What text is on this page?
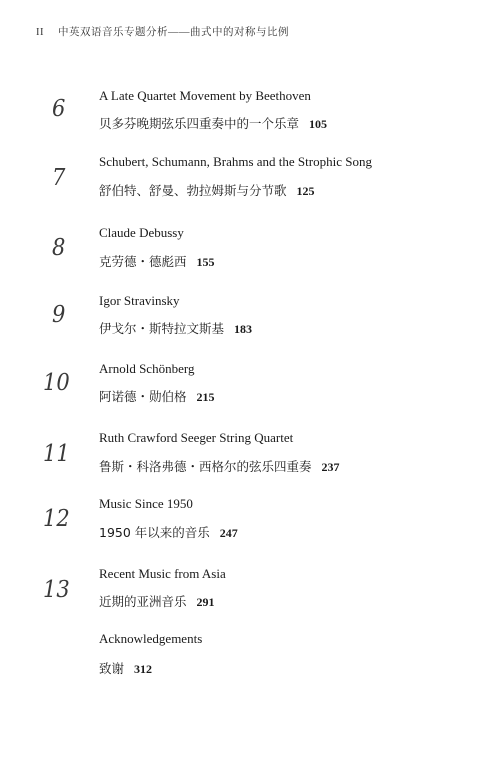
II 中英双语音乐专题分析——曲式中的对称与比例
6	A Late Quartet Movement by Beethoven
贝多芬晚期弦乐四重奏中的一个乐章 105
7
Schubert, Schumann, Brahms and the Strophic Song
舒伯特、舒曼、勃拉姆斯与分节歌 125
8
Claude Debussy
克劳德・德彪西 155
9
Igor Stravinsky
伊戈尔・斯特拉文斯基 183
10
Arnold Schönberg
阿诺德・勋伯格 215
11
Ruth Crawford Seeger String Quartet
鲁斯・科洛弗德・西格尔的弦乐四重奏 237
12
Music Since 1950
1950 年以来的音乐 247
13
Recent Music from Asia
近期的亚洲音乐 291
Acknowledgements
致谢 312
